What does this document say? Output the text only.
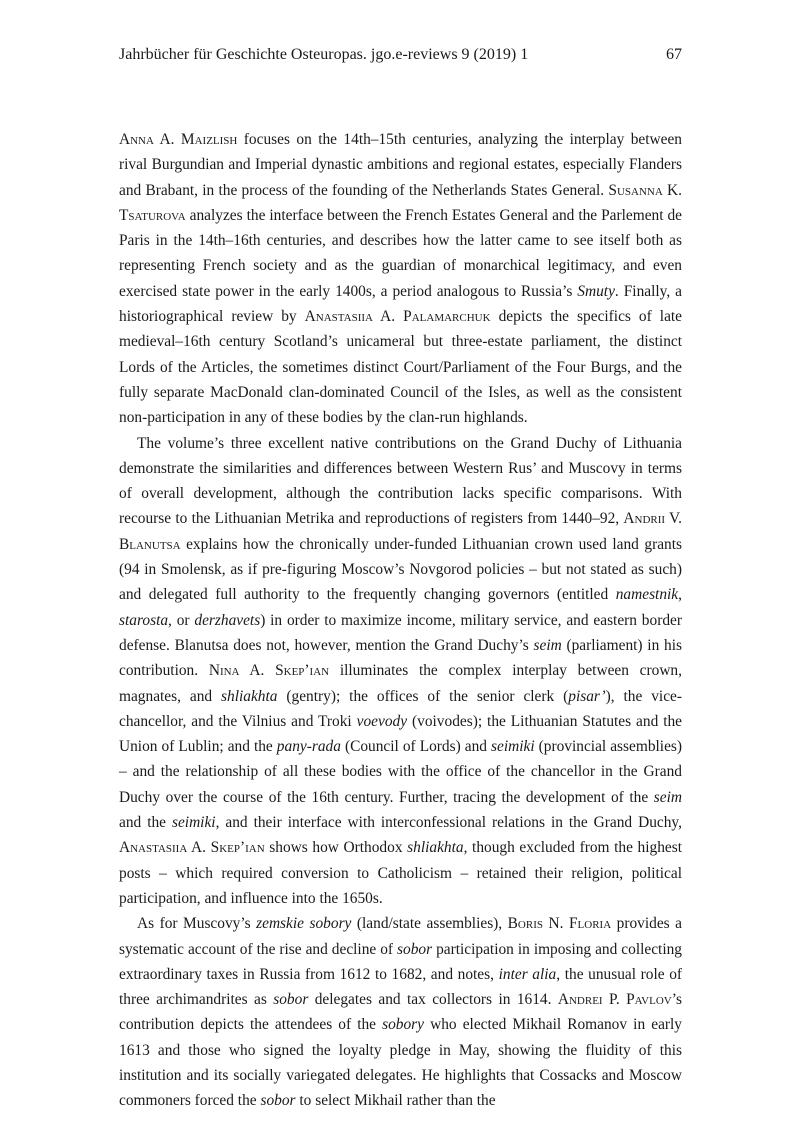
Jahrbücher für Geschichte Osteuropas. jgo.e-reviews 9 (2019) 1	67

Anna A. Maizlish focuses on the 14th–15th centuries, analyzing the interplay between rival Burgundian and Imperial dynastic ambitions and regional estates, especially Flanders and Brabant, in the process of the founding of the Netherlands States General. Susanna K. Tsaturova analyzes the interface between the French Estates General and the Parlement de Paris in the 14th–16th centuries, and describes how the latter came to see itself both as representing French society and as the guardian of monarchical legitimacy, and even exercised state power in the early 1400s, a period analogous to Russia’s Smuty. Finally, a historiographical review by Anastasiia A. Palamarchuk depicts the specifics of late medieval–16th century Scotland’s unicameral but three-estate parliament, the distinct Lords of the Articles, the sometimes distinct Court/Parliament of the Four Burgs, and the fully separate MacDonald clan-dominated Council of the Isles, as well as the consistent non-participation in any of these bodies by the clan-run highlands.

The volume’s three excellent native contributions on the Grand Duchy of Lithuania demonstrate the similarities and differences between Western Rus’ and Muscovy in terms of overall development, although the contribution lacks specific comparisons. With recourse to the Lithuanian Metrika and reproductions of registers from 1440–92, Andrii V. Blanutsa explains how the chronically under-funded Lithuanian crown used land grants (94 in Smolensk, as if pre-figuring Moscow’s Novgorod policies – but not stated as such) and delegated full authority to the frequently changing governors (entitled namestnik, starosta, or derzhavets) in order to maximize income, military service, and eastern border defense. Blanutsa does not, however, mention the Grand Duchy’s seim (parliament) in his contribution. Nina A. Skep’ian illuminates the complex interplay between crown, magnates, and shliakhta (gentry); the offices of the senior clerk (pisar’), the vice-chancellor, and the Vilnius and Troki voevody (voivodes); the Lithuanian Statutes and the Union of Lublin; and the pany-rada (Council of Lords) and seimiki (provincial assemblies) – and the relationship of all these bodies with the office of the chancellor in the Grand Duchy over the course of the 16th century. Further, tracing the development of the seim and the seimiki, and their interface with interconfessional relations in the Grand Duchy, Anastasiia A. Skep’ian shows how Orthodox shliakhta, though excluded from the highest posts – which required conversion to Catholicism – retained their religion, political participation, and influence into the 1650s.

As for Muscovy’s zemskie sobory (land/state assemblies), Boris N. Floria provides a systematic account of the rise and decline of sobor participation in imposing and collecting extraordinary taxes in Russia from 1612 to 1682, and notes, inter alia, the unusual role of three archimandrites as sobor delegates and tax collectors in 1614. Andrei P. Pavlov’s contribution depicts the attendees of the sobory who elected Mikhail Romanov in early 1613 and those who signed the loyalty pledge in May, showing the fluidity of this institution and its socially variegated delegates. He highlights that Cossacks and Moscow commoners forced the sobor to select Mikhail rather than the
